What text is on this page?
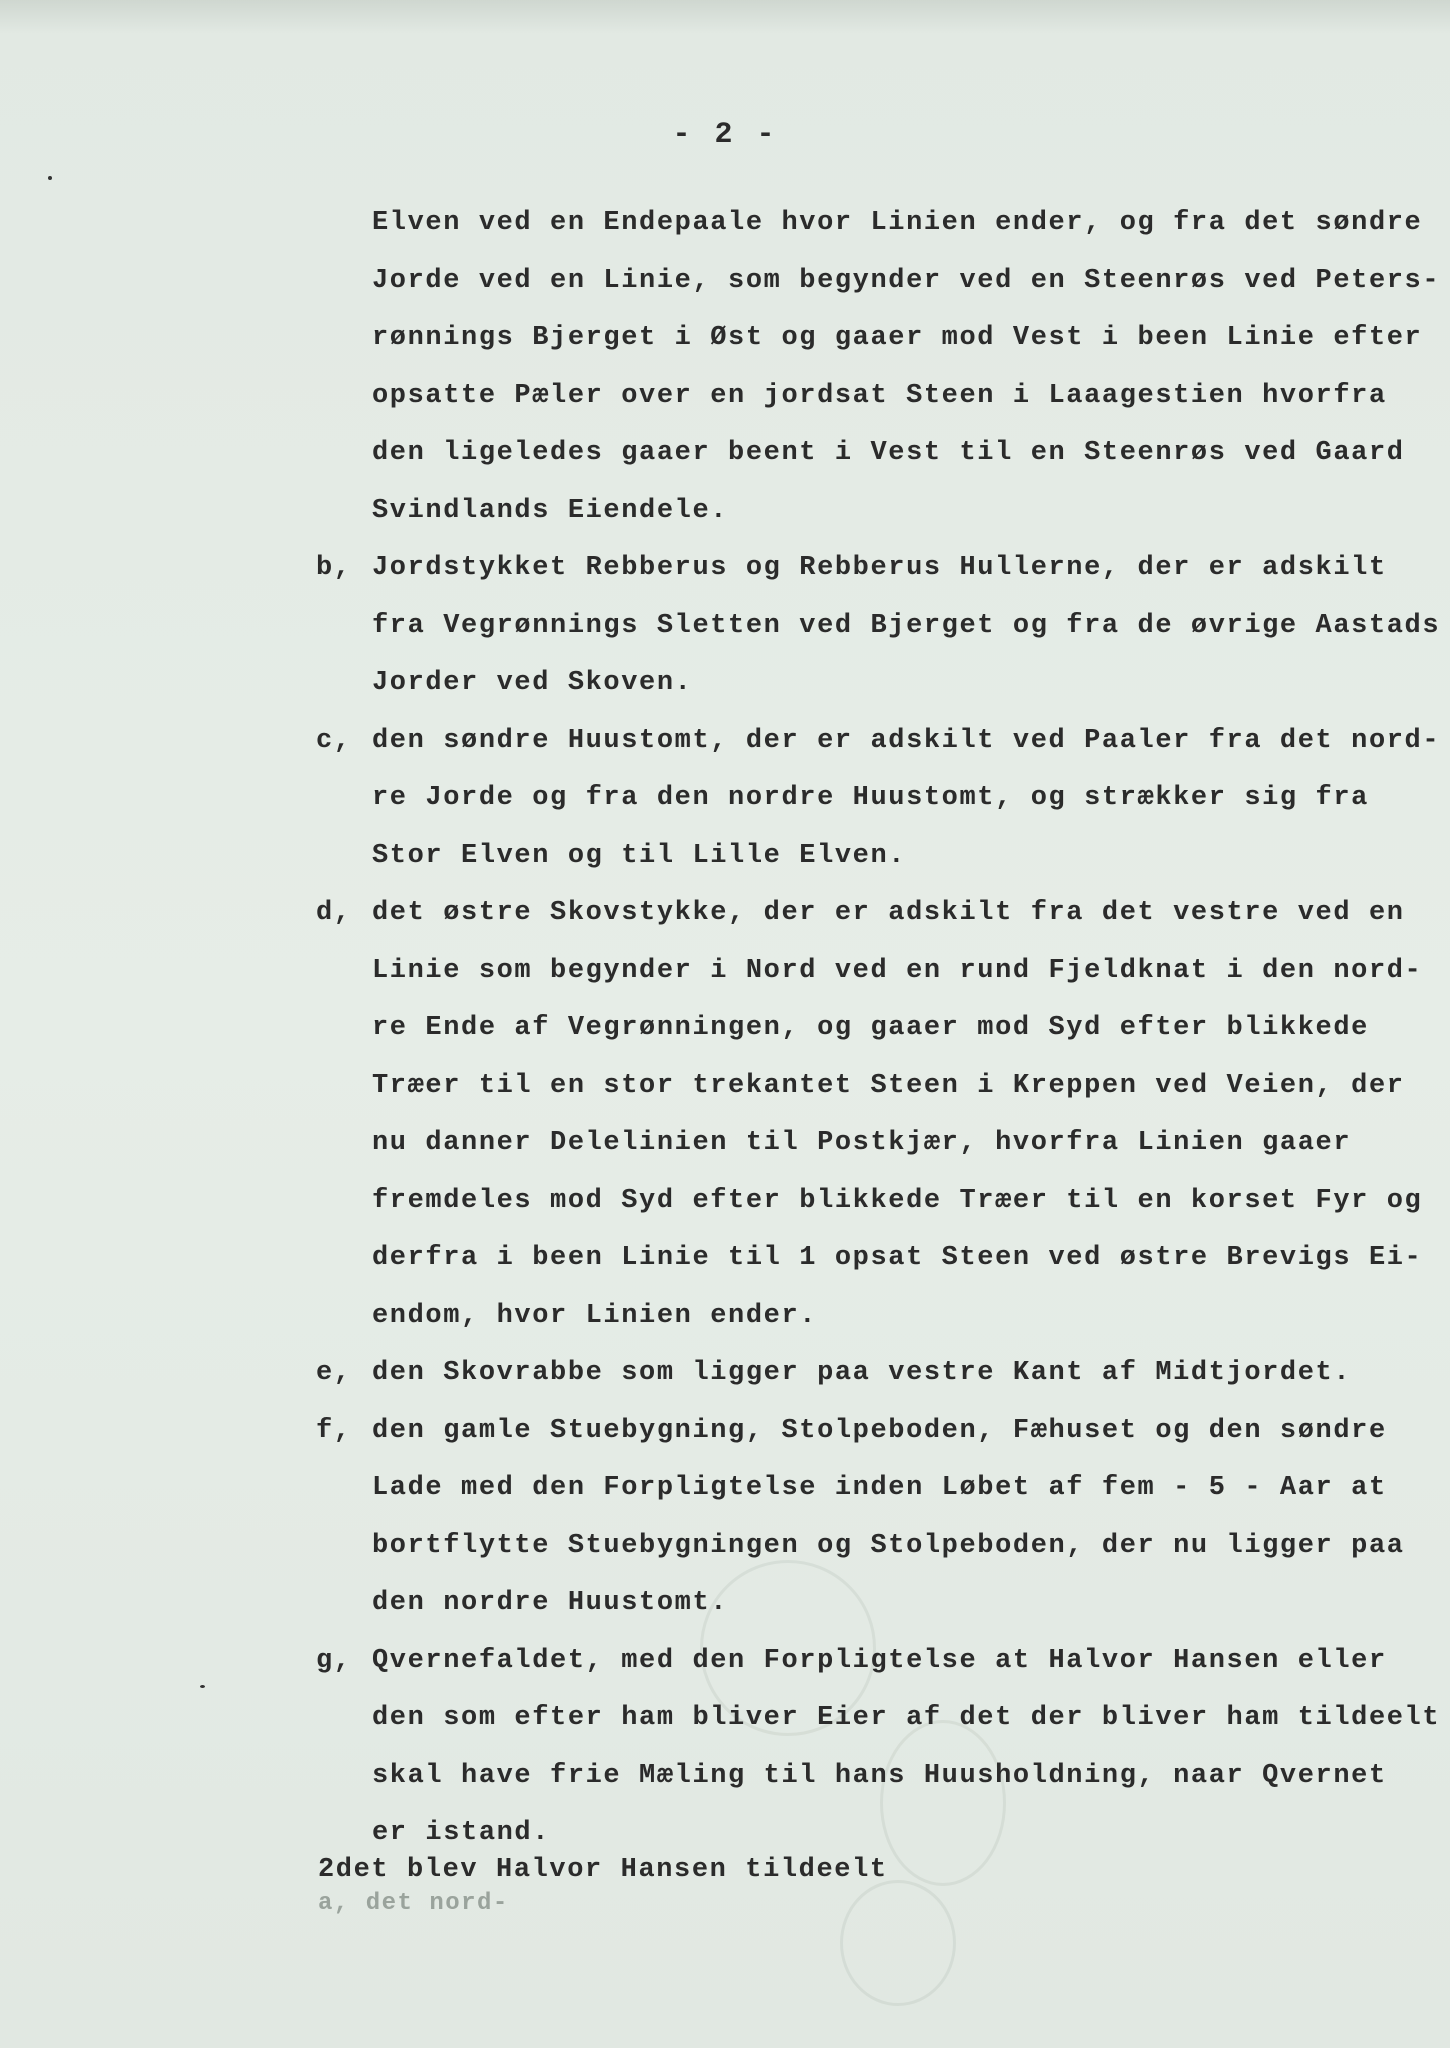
- 2 -
Elven ved en Endepaale hvor Linien ender, og fra det søndre
Jorde ved en Linie, som begynder ved en Steenrøs ved Peters-
rønnings Bjerget i Øst og gaaer mod Vest i been Linie efter
opsatte Pæler over en jordsat Steen i Laaagestien hvorfra
den ligeledes gaaer beent i Vest til en Steenrøs ved Gaard
Svindlands Eiendele.
b, Jordstykket Rebberus og Rebberus Hullerne, der er adskilt
fra Vegrønnings Sletten ved Bjerget og fra de øvrige Aastads
Jorder ved Skoven.
c, den søndre Huustomt, der er adskilt ved Paaler fra det nord-
re Jorde og fra den nordre Huustomt, og strækker sig fra
Stor Elven og til Lille Elven.
d, det østre Skovstykke, der er adskilt fra det vestre ved en
Linie som begynder i Nord ved en rund Fjeldknat i den nord-
re Ende af Vegrønningen, og gaaer mod Syd efter blikkede
Træer til en stor trekantet Steen i Kreppen ved Veien, der
nu danner Delelinien til Postkjær, hvorfra Linien gaaer
fremdeles mod Syd efter blikkede Træer til en korset Fyr og
derfra i been Linie til 1 opsat Steen ved østre Brevigs Ei-
endom, hvor Linien ender.
e, den Skovrabbe som ligger paa vestre Kant af Midtjordet.
f, den gamle Stuebygning, Stolpeboden, Fæhuset og den søndre
Lade med den Forpligtelse inden Løbet af fem - 5 - Aar at
bortflytte Stuebygningen og Stolpeboden, der nu ligger paa
den nordre Huustomt.
g, Qvernefaldet, med den Forpligtelse at Halvor Hansen eller
den som efter ham bliver Eier af det der bliver ham tildeelt
skal have frie Mæling til hans Huusholdning, naar Qvernet
er istand.
2det blev Halvor Hansen tildeelt
a, det nord-
